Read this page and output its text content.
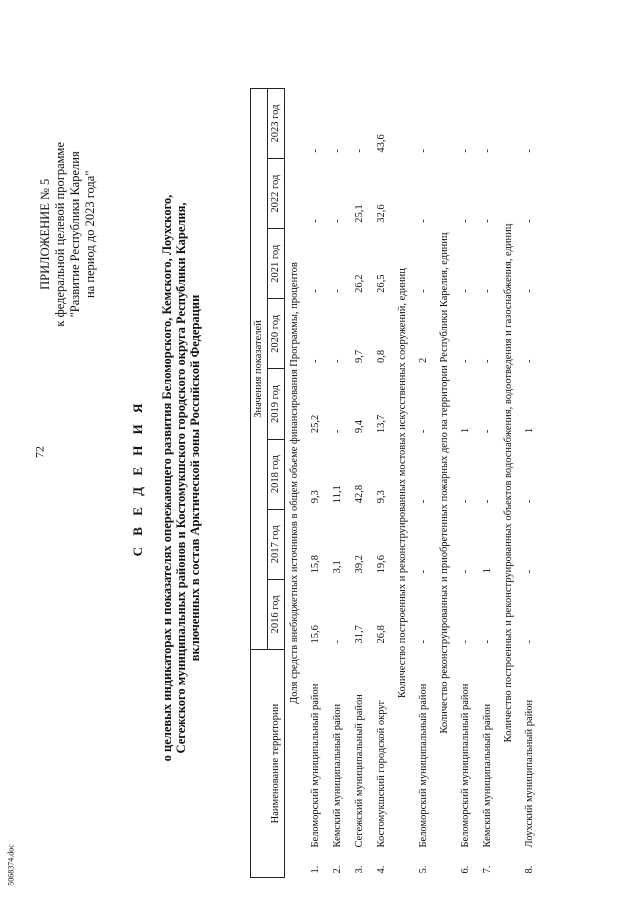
72
5068374.doc
ПРИЛОЖЕНИЕ № 5 к федеральной целевой программе "Развитие Республики Карелия на период до 2023 года"
С В Е Д Е Н И Я о целевых индикаторах и показателях опережающего развития Беломорского, Кемского, Лоухского, Сегежского муниципальных районов и Костомукшского городского округа Республики Карелия, включенных в состав Арктической зоны Российской Федерации
Наименование территории		Значения показателей							
		2016 год	2017 год	2018 год	2019 год	2020 год	2021 год	2022 год	2023 год
Доля средств внебюджетных источников в общем объеме финансирования Программы, процентов									
1.	Беломорский муниципальный район	15,6	15,8	9,3	25,2	-	-	-	-
2.	Кемский муниципальный район	-	3,1	11,1	-	-	-	-	-
3.	Сегежский муниципальный район	31,7	39,2	42,8	9,4	9,7	26,2	25,1	-
4.	Костомукшский городской округ	26,8	19,6	9,3	13,7	0,8	26,5	32,6	43,6
Количество построенных и реконструированных мостовых искусственных сооружений, единиц									
5.	Беломорский муниципальный район	-	-	-	-	2	-	-	-
Количество реконструированных и приобретенных пожарных депо на территории Республики Карелия, единиц									
6.	Беломорский муниципальный район	-	-	-	1	-	-	-	-
7.	Кемский муниципальный район	-	1	-	-	-	-	-	-
Количество построенных и реконструированных объектов водоснабжения, водоотведения и газоснабжения, единиц									
8.	Лоухский муниципальный район	-	-	-	1	-	-	-	-
